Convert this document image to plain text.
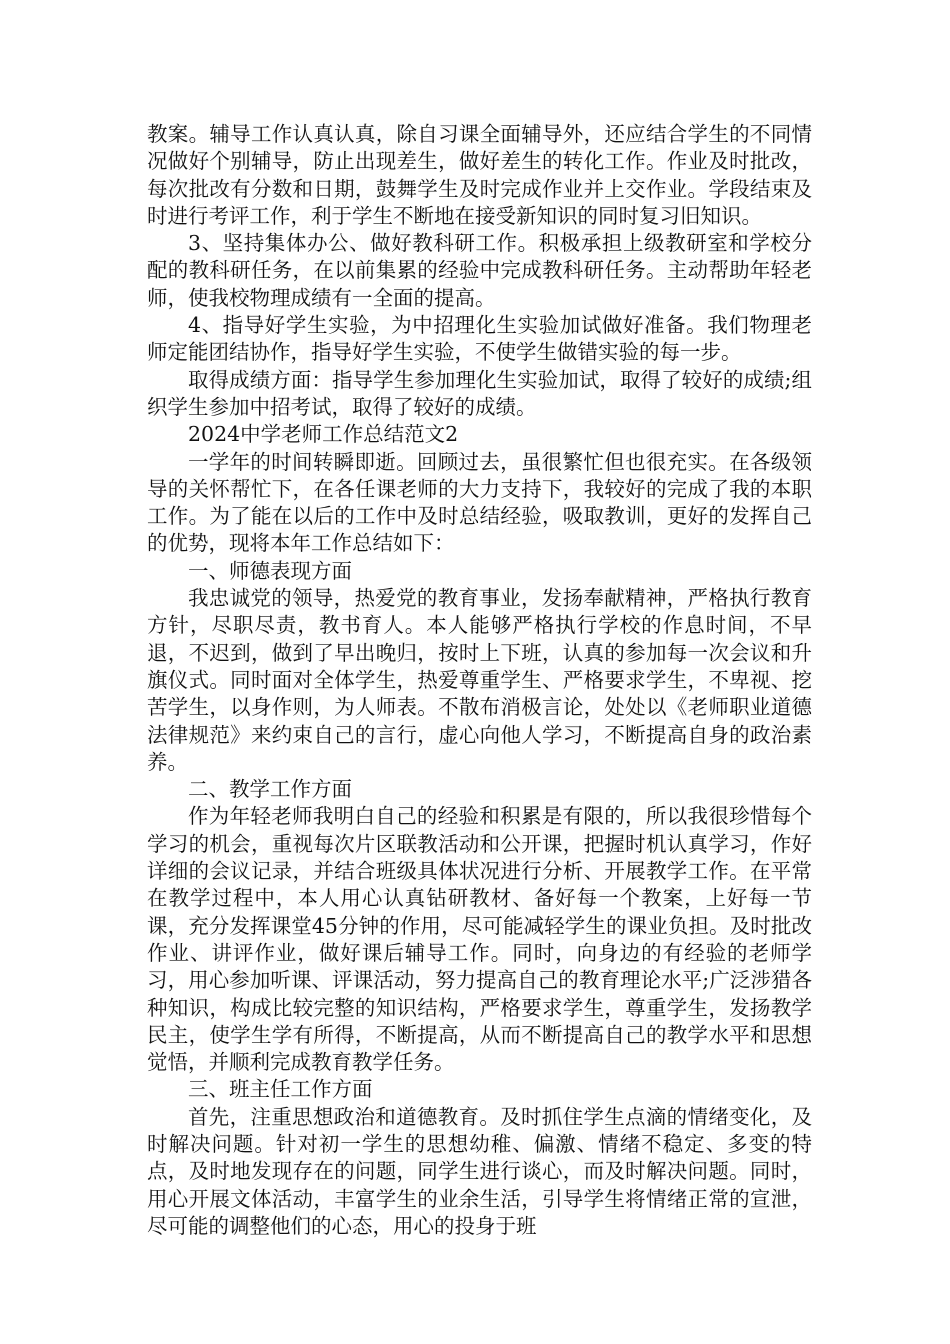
教案。辅导工作认真认真，除自习课全面辅导外，还应结合学生的不同情况做好个别辅导，防止出现差生，做好差生的转化工作。作业及时批改，每次批改有分数和日期，鼓舞学生及时完成作业并上交作业。学段结束及时进行考评工作，利于学生不断地在接受新知识的同时复习旧知识。

3、坚持集体办公、做好教科研工作。积极承担上级教研室和学校分配的教科研任务，在以前集累的经验中完成教科研任务。主动帮助年轻老师，使我校物理成绩有一全面的提高。

4、指导好学生实验，为中招理化生实验加试做好准备。我们物理老师定能团结协作，指导好学生实验，不使学生做错实验的每一步。

取得成绩方面：指导学生参加理化生实验加试，取得了较好的成绩;组织学生参加中招考试，取得了较好的成绩。

2024中学老师工作总结范文2

一学年的时间转瞬即逝。回顾过去，虽很繁忙但也很充实。在各级领导的关怀帮忙下，在各任课老师的大力支持下，我较好的完成了我的本职工作。为了能在以后的工作中及时总结经验，吸取教训，更好的发挥自己的优势，现将本年工作总结如下：

一、师德表现方面

我忠诚党的领导，热爱党的教育事业，发扬奉献精神，严格执行教育方针，尽职尽责，教书育人。本人能够严格执行学校的作息时间，不早退，不迟到，做到了早出晚归，按时上下班，认真的参加每一次会议和升旗仪式。同时面对全体学生，热爱尊重学生、严格要求学生，不卑视、挖苦学生，以身作则，为人师表。不散布消极言论，处处以《老师职业道德法律规范》来约束自己的言行，虚心向他人学习，不断提高自身的政治素养。

二、教学工作方面

作为年轻老师我明白自己的经验和积累是有限的，所以我很珍惜每个学习的机会，重视每次片区联教活动和公开课，把握时机认真学习，作好详细的会议记录，并结合班级具体状况进行分析、开展教学工作。在平常在教学过程中，本人用心认真钻研教材、备好每一个教案，上好每一节课，充分发挥课堂45分钟的作用，尽可能减轻学生的课业负担。及时批改作业、讲评作业，做好课后辅导工作。同时，向身边的有经验的老师学习，用心参加听课、评课活动，努力提高自己的教育理论水平;广泛涉猎各种知识，构成比较完整的知识结构，严格要求学生，尊重学生，发扬教学民主，使学生学有所得，不断提高，从而不断提高自己的教学水平和思想觉悟，并顺利完成教育教学任务。

三、班主任工作方面

首先，注重思想政治和道德教育。及时抓住学生点滴的情绪变化，及时解决问题。针对初一学生的思想幼稚、偏激、情绪不稳定、多变的特点，及时地发现存在的问题，同学生进行谈心，而及时解决问题。同时，用心开展文体活动，丰富学生的业余生活，引导学生将情绪正常的宣泄，尽可能的调整他们的心态，用心的投身于班
